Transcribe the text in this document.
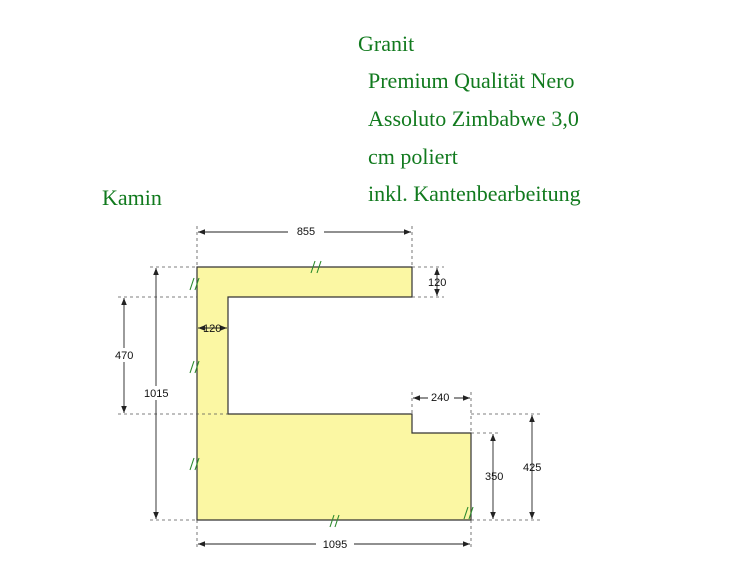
Granit
Premium Qualität Nero
Assoluto Zimbabwe 3,0
cm poliert
inkl. Kantenbearbeitung
Kamin
855
120
120
470
1015	240
350
425
1095
